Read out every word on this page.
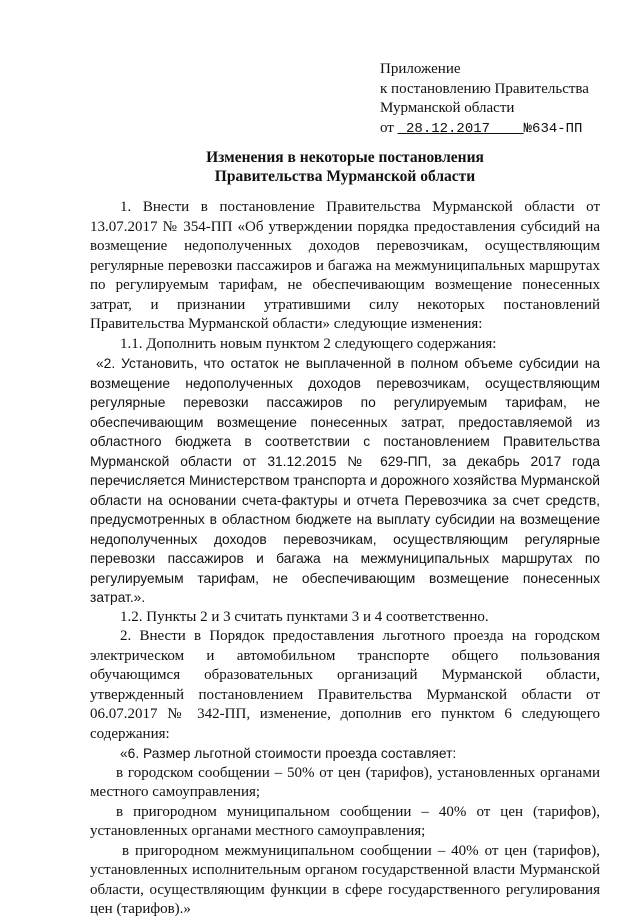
Приложение
к постановлению Правительства
Мурманской области
от 28.12.2017 №634-ПП
Изменения в некоторые постановления
Правительства Мурманской области

1. Внести в постановление Правительства Мурманской области от 13.07.2017 № 354-ПП «Об утверждении порядка предоставления субсидий на возмещение недополученных доходов перевозчикам, осуществляющим регулярные перевозки пассажиров и багажа на межмуниципальных маршрутах по регулируемым тарифам, не обеспечивающим возмещение понесенных затрат, и признании утратившими силу некоторых постановлений Правительства Мурманской области» следующие изменения:

1.1. Дополнить новым пунктом 2 следующего содержания:

«2. Установить, что остаток не выплаченной в полном объеме субсидии на возмещение недополученных доходов перевозчикам, осуществляющим регулярные перевозки пассажиров по регулируемым тарифам, не обеспечивающим возмещение понесенных затрат, предоставляемой из областного бюджета в соответствии с постановлением Правительства Мурманской области от 31.12.2015 № 629-ПП, за декабрь 2017 года перечисляется Министерством транспорта и дорожного хозяйства Мурманской области на основании счета-фактуры и отчета Перевозчика за счет средств, предусмотренных в областном бюджете на выплату субсидии на возмещение недополученных доходов перевозчикам, осуществляющим регулярные перевозки пассажиров и багажа на межмуниципальных маршрутах по регулируемым тарифам, не обеспечивающим возмещение понесенных затрат.».

1.2. Пункты 2 и 3 считать пунктами 3 и 4 соответственно.

2. Внести в Порядок предоставления льготного проезда на городском электрическом и автомобильном транспорте общего пользования обучающимся образовательных организаций Мурманской области, утвержденный постановлением Правительства Мурманской области от 06.07.2017 № 342-ПП, изменение, дополнив его пунктом 6 следующего содержания:

«6. Размер льготной стоимости проезда составляет:

в городском сообщении – 50% от цен (тарифов), установленных органами местного самоуправления;

в пригородном муниципальном сообщении – 40% от цен (тарифов), установленных органами местного самоуправления;

в пригородном межмуниципальном сообщении – 40% от цен (тарифов), установленных исполнительным органом государственной власти Мурманской области, осуществляющим функции в сфере государственного регулирования цен (тарифов).»
